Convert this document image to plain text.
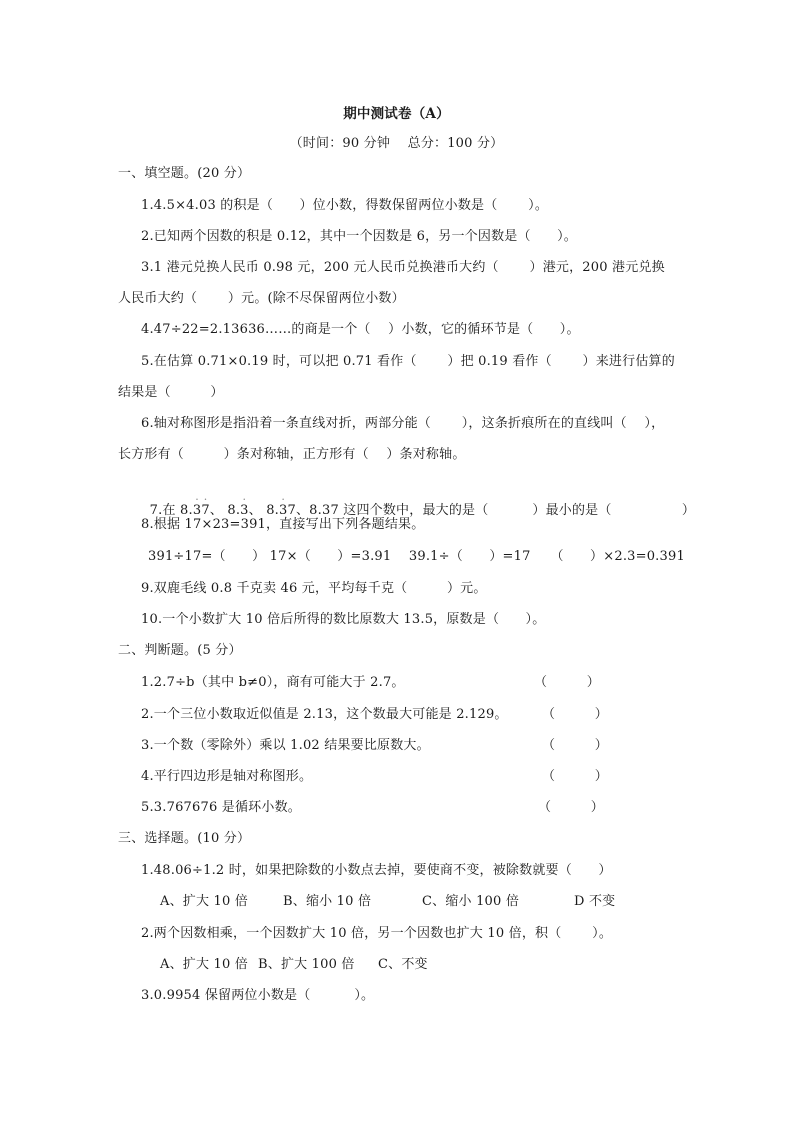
期中测试卷（A）
（时间：90 分钟　 总分：100 分）
一、填空题。(20 分）
1.4.5×4.03 的积是（　　）位小数，得数保留两位小数是（　　 ）。
2.已知两个因数的积是 0.12，其中一个因数是 6，另一个因数是（　　）。
3.1 港元兑换人民币 0.98 元，200 元人民币兑换港币大约（　　 ）港元，200 港元兑换
人民币大约（　　 ）元。(除不尽保留两位小数）
4.47÷22=2.13636……的商是一个（　 ）小数，它的循环节是（　　）。
5.在估算 0.71×0.19 时，可以把 0.71 看作（　　 ）把 0.19 看作（　　 ）来进行估算的
结果是（　　　）
6.轴对称图形是指沿着一条直线对折，两部分能（　　 ），这条折痕所在的直线叫（　 ），
长方形有（　　　）条对称轴，正方形有（　 ）条对称轴。

7.在 8.· 3· 7、 8.· 3、 8.· 37、8.37 这四个数中，最大的是（　　　 ）最小的是（　　　　　 ）

8.根据 17×23=391，直接写出下列各题结果。
391÷17=（　　） 17×（　　）=3.91　 39.1÷（　　）=17　　（　　）×2.3=0.391
9.双鹿毛线 0.8 千克卖 46 元，平均每千克（　　　）元。
10.一个小数扩大 10 倍后所得的数比原数大 13.5，原数是（　　）。
二、判断题。(5 分）
1.2.7÷b（其中 b≠0），商有可能大于 2.7。	（　　　）
2.一个三位小数取近似值是 2.13，这个数最大可能是 2.129。	（　　　）
3.一个数（零除外）乘以 1.02 结果要比原数大。	（　　　）
4.平行四边形是轴对称图形。	（　　　）
5.3.767676 是循环小数。	（　　　）
三、选择题。(10 分）
1.48.06÷1.2 时，如果把除数的小数点去掉，要使商不变，被除数就要（　　）
A、扩大 10 倍	B、缩小 10 倍	C、缩小 100 倍	D 不变
2.两个因数相乘，一个因数扩大 10 倍，另一个因数也扩大 10 倍，积（　　 ）。
A、扩大 10 倍 B、扩大 100 倍 C、不变
3.0.9954 保留两位小数是（　　　 ）。
